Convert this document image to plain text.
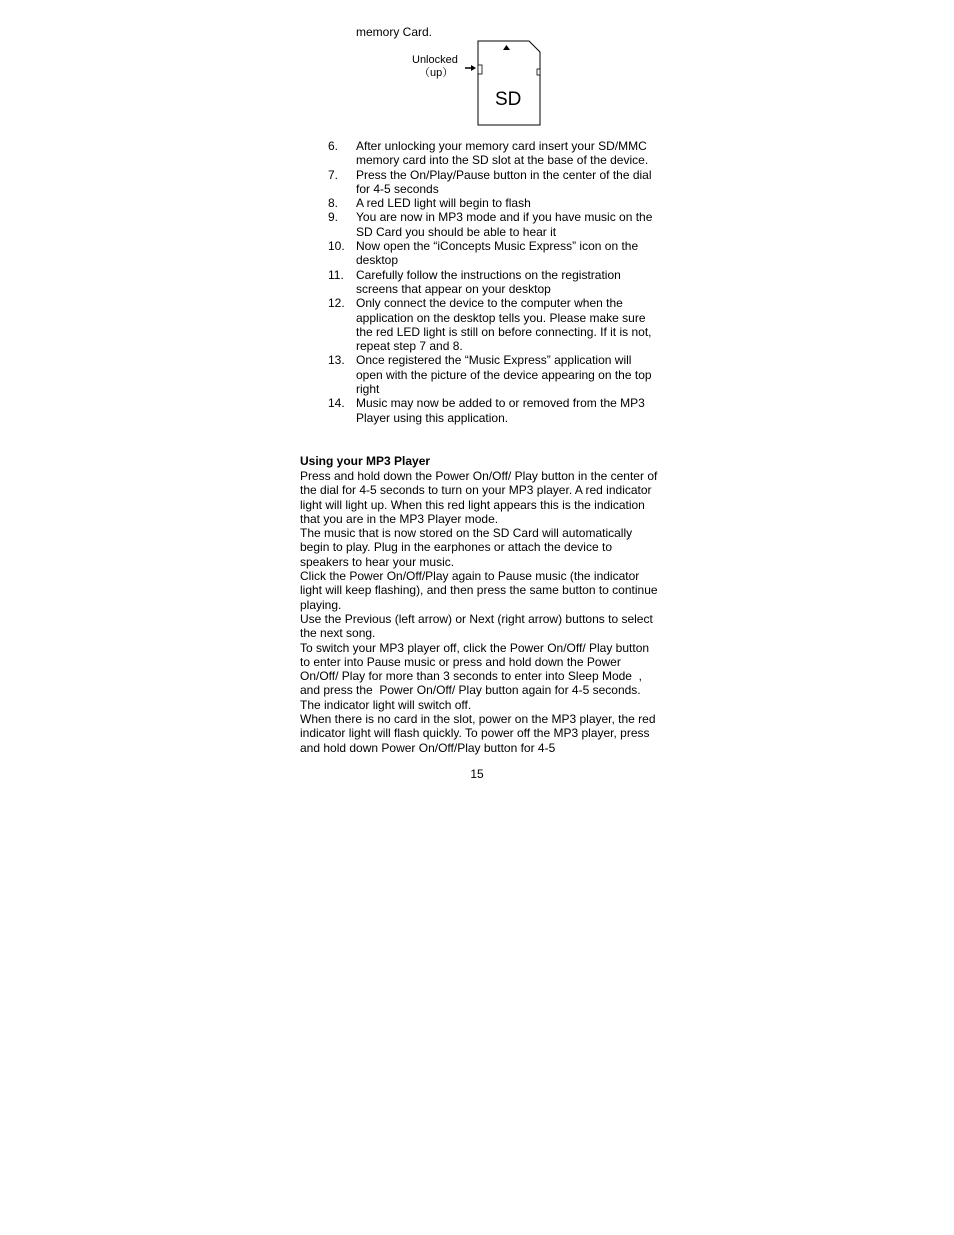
memory Card.
Unlocked
（up）
SD
6. After unlocking your memory card insert your SD/MMC memory card into the SD slot at the base of the device.
7. Press the On/Play/Pause button in the center of the dial for 4-5 seconds
8. A red LED light will begin to flash
9. You are now in MP3 mode and if you have music on the SD Card you should be able to hear it
10. Now open the “iConcepts Music Express” icon on the desktop
11. Carefully follow the instructions on the registration screens that appear on your desktop
12. Only connect the device to the computer when the application on the desktop tells you. Please make sure the red LED light is still on before connecting. If it is not, repeat step 7 and 8.
13. Once registered the “Music Express” application will open with the picture of the device appearing on the top right
14. Music may now be added to or removed from the MP3 Player using this application.
Using your MP3 Player

Press and hold down the Power On/Off/ Play button in the center of the dial for 4-5 seconds to turn on your MP3 player. A red indicator light will light up. When this red light appears this is the indication that you are in the MP3 Player mode.

The music that is now stored on the SD Card will automatically begin to play. Plug in the earphones or attach the device to speakers to hear your music.

Click the Power On/Off/Play again to Pause music (the indicator light will keep flashing), and then press the same button to continue playing.

Use the Previous (left arrow) or Next (right arrow) buttons to select the next song.

To switch your MP3 player off, click the Power On/Off/ Play button to enter into Pause music or press and hold down the Power On/Off/ Play for more than 3 seconds to enter into Sleep Mode  , and press the  Power On/Off/ Play button again for 4-5 seconds. The indicator light will switch off.

When there is no card in the slot, power on the MP3 player, the red indicator light will flash quickly. To power off the MP3 player, press and hold down Power On/Off/Play button for 4-5

15
